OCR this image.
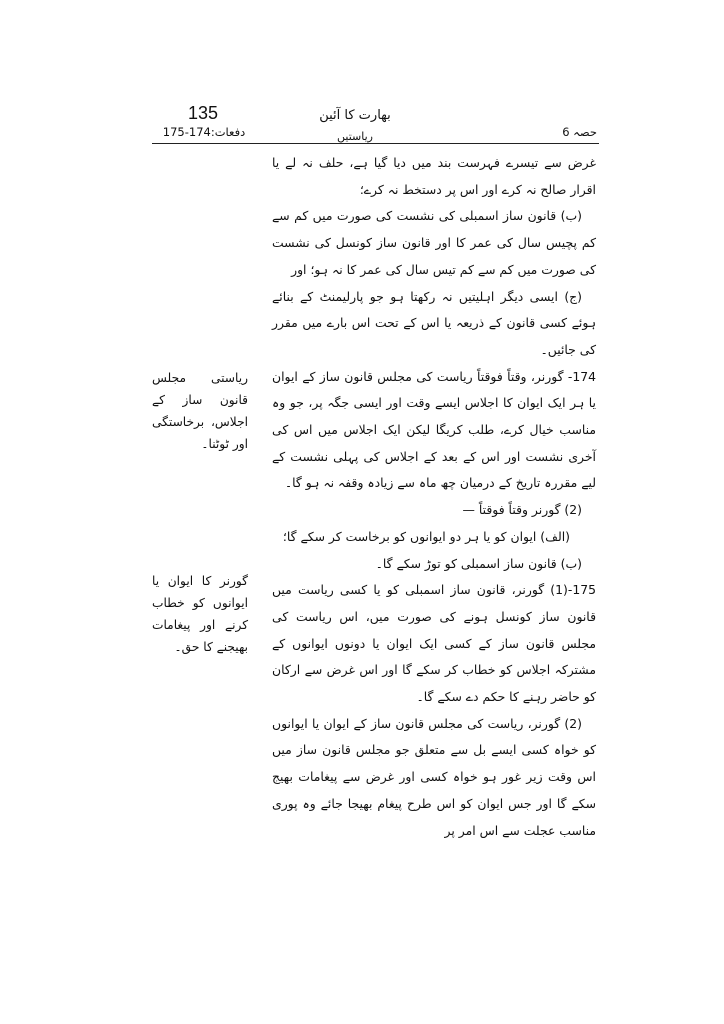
135	بھارت کا آئین
ریاستیں
دفعات:174-175	حصہ 6

غرض سے تیسرے فہرست بند میں دیا گیا ہے، حلف نہ لے یا اقرار صالح نہ کرے اور اس پر دستخط نہ کرے؛

(ب) قانون ساز اسمبلی کی نشست کی صورت میں کم سے کم پچیس سال کی عمر کا اور قانون ساز کونسل کی نشست کی صورت میں کم سے کم تیس سال کی عمر کا نہ ہو؛ اور

(ج) ایسی دیگر اہلیتیں نہ رکھتا ہو جو پارلیمنٹ کے بنائے ہوئے کسی قانون کے ذریعہ یا اس کے تحت اس بارے میں مقرر کی جائیں۔

174- گورنر، وقتاً فوقتاً ریاست کی مجلس قانون ساز کے ایوان یا ہر ایک ایوان کا اجلاس ایسے وقت اور ایسی جگہ پر، جو وہ مناسب خیال کرے، طلب کریگا لیکن ایک اجلاس میں اس کی آخری نشست اور اس کے بعد کے اجلاس کی پہلی نشست کے لیے مقررہ تاریخ کے درمیان چھ ماہ سے زیادہ وقفہ نہ ہو گا۔

(2) گورنر وقتاً فوقتاً —

(الف) ایوان کو یا ہر دو ایوانوں کو برخاست کر سکے گا؛

(ب) قانون ساز اسمبلی کو توڑ سکے گا۔

175-(1) گورنر، قانون ساز اسمبلی کو یا کسی ریاست میں قانون ساز کونسل ہونے کی صورت میں، اس ریاست کی مجلس قانون ساز کے کسی ایک ایوان یا دونوں ایوانوں کے مشترکہ اجلاس کو خطاب کر سکے گا اور اس غرض سے ارکان کو حاضر رہنے کا حکم دے سکے گا۔

(2) گورنر، ریاست کی مجلس قانون ساز کے ایوان یا ایوانوں کو خواہ کسی ایسے بل سے متعلق جو مجلس قانون ساز میں اس وقت زیر غور ہو خواہ کسی اور غرض سے پیغامات بھیج سکے گا اور جس ایوان کو اس طرح پیغام بھیجا جائے وہ پوری مناسب عجلت سے اس امر پر

ریاستی مجلس قانون ساز کے اجلاس، برخاستگی اور ٹوٹنا۔
گورنر کا ایوان یا ایوانوں کو خطاب کرنے اور پیغامات بھیجنے کا حق۔
